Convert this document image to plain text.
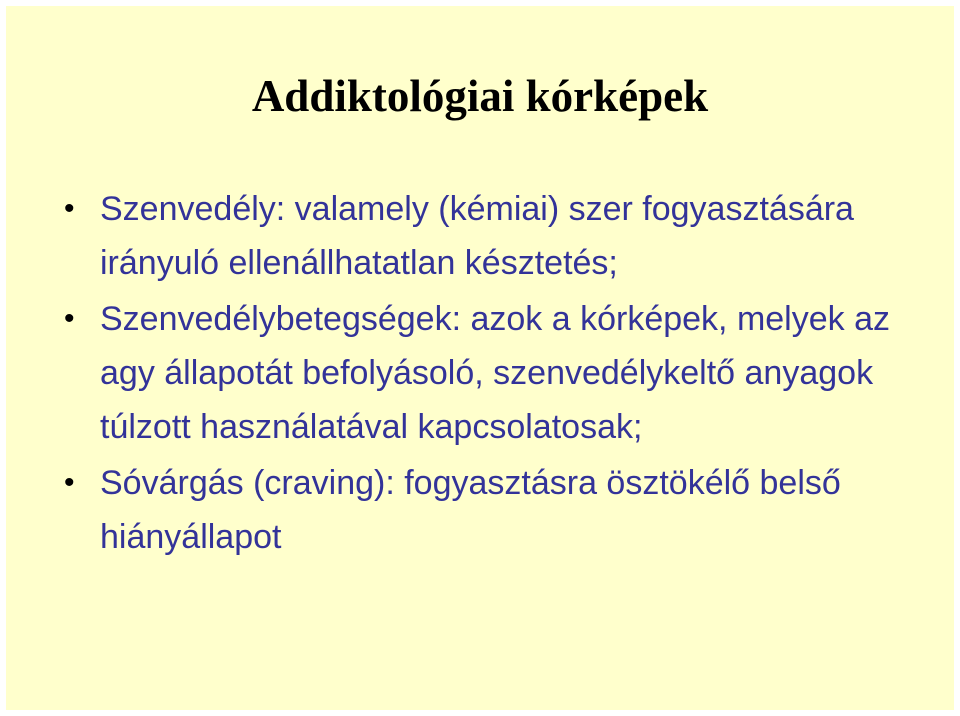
Addiktológiai kórképek
• Szenvedély: valamely (kémiai) szer fogyasztására irányuló ellenállhatatlan késztetés;
• Szenvedélybetegségek: azok a kórképek, melyek az agy állapotát befolyásoló, szenvedélykeltő anyagok túlzott használatával kapcsolatosak;
• Sóvárgás (craving): fogyasztásra ösztökélő belső hiányállapot
